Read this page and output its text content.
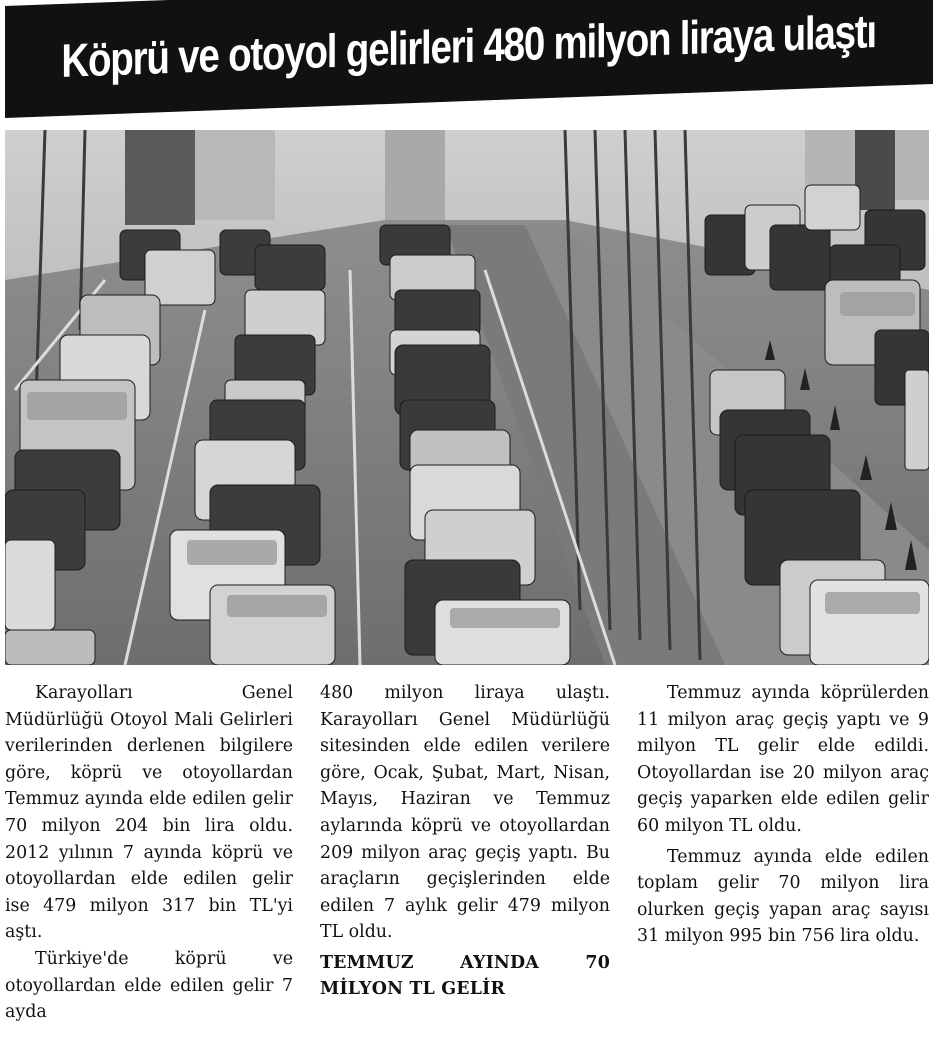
Köprü ve otoyol gelirleri 480 milyon liraya ulaştı

Karayolları Genel Müdürlüğü Otoyol Mali Gelirleri verilerinden derlenen bilgilere göre, köprü ve otoyollardan Temmuz ayında elde edilen gelir 70 milyon 204 bin lira oldu. 2012 yılının 7 ayında köprü ve otoyollardan elde edilen gelir ise 479 milyon 317 bin TL'yi aştı.

Türkiye'de köprü ve otoyollardan elde edilen gelir 7 ayda

480 milyon liraya ulaştı. Karayolları Genel Müdürlüğü sitesinden elde edilen verilere göre, Ocak, Şubat, Mart, Nisan, Mayıs, Haziran ve Temmuz aylarında köprü ve otoyollardan 209 milyon araç geçiş yaptı. Bu araçların geçişlerinden elde edilen 7 aylık gelir 479 milyon TL oldu.

TEMMUZ AYINDA 70 MİLYON TL GELİR

Temmuz ayında köprülerden 11 milyon araç geçiş yaptı ve 9 milyon TL gelir elde edildi. Otoyollardan ise 20 milyon araç geçiş yaparken elde edilen gelir 60 milyon TL oldu.

Temmuz ayında elde edilen toplam gelir 70 milyon lira olurken geçiş yapan araç sayısı 31 milyon 995 bin 756 lira oldu.
